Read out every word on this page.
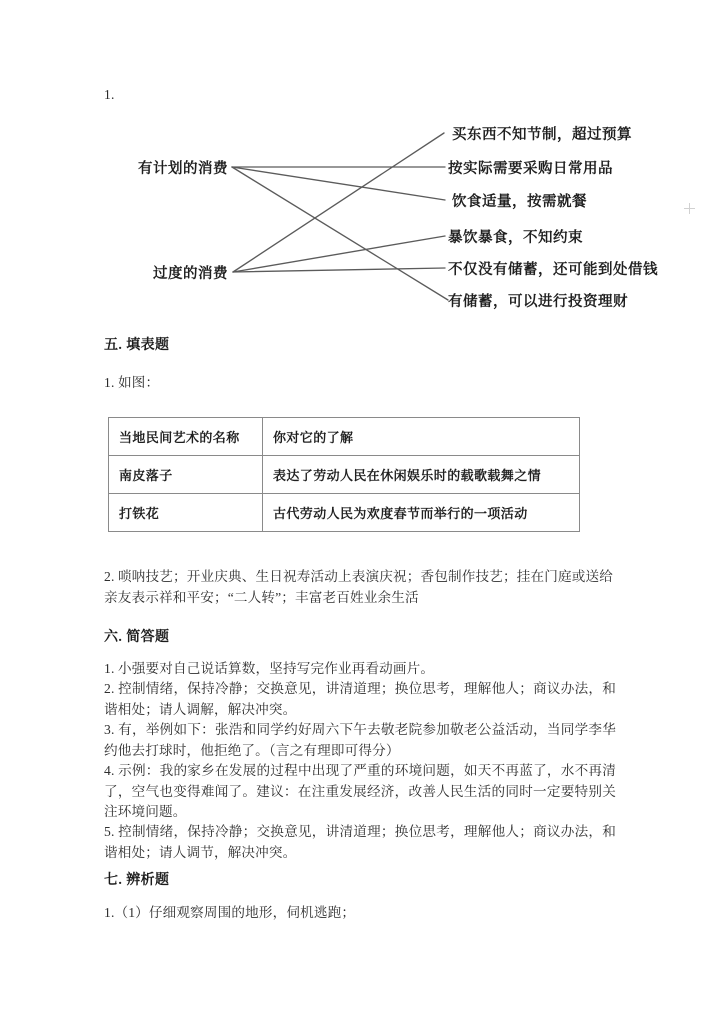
1.
有计划的消费
过度的消费
买东西不知节制，超过预算
按实际需要采购日常用品
饮食适量，按需就餐
暴饮暴食，不知约束
不仅没有储蓄，还可能到处借钱
有储蓄，可以进行投资理财
五. 填表题
1. 如图：
当地民间艺术的名称	你对它的了解
南皮落子	表达了劳动人民在休闲娱乐时的载歌载舞之情
打铁花	古代劳动人民为欢度春节而举行的一项活动
2. 唢呐技艺；开业庆典、生日祝寿活动上表演庆祝；香包制作技艺；挂在门庭或送给亲友表示祥和平安；“二人转”；丰富老百姓业余生活
六. 简答题
1. 小强要对自己说话算数，坚持写完作业再看动画片。
2. 控制情绪，保持冷静；交换意见，讲清道理；换位思考，理解他人；商议办法，和谐相处；请人调解，解决冲突。
3. 有，举例如下：张浩和同学约好周六下午去敬老院参加敬老公益活动，当同学李华约他去打球时，他拒绝了。（言之有理即可得分）
4. 示例：我的家乡在发展的过程中出现了严重的环境问题，如天不再蓝了，水不再清了，空气也变得难闻了。建议：在注重发展经济，改善人民生活的同时一定要特别关注环境问题。
5. 控制情绪，保持冷静；交换意见，讲清道理；换位思考，理解他人；商议办法，和谐相处；请人调节，解决冲突。
七. 辨析题
1.（1）仔细观察周围的地形，伺机逃跑；
